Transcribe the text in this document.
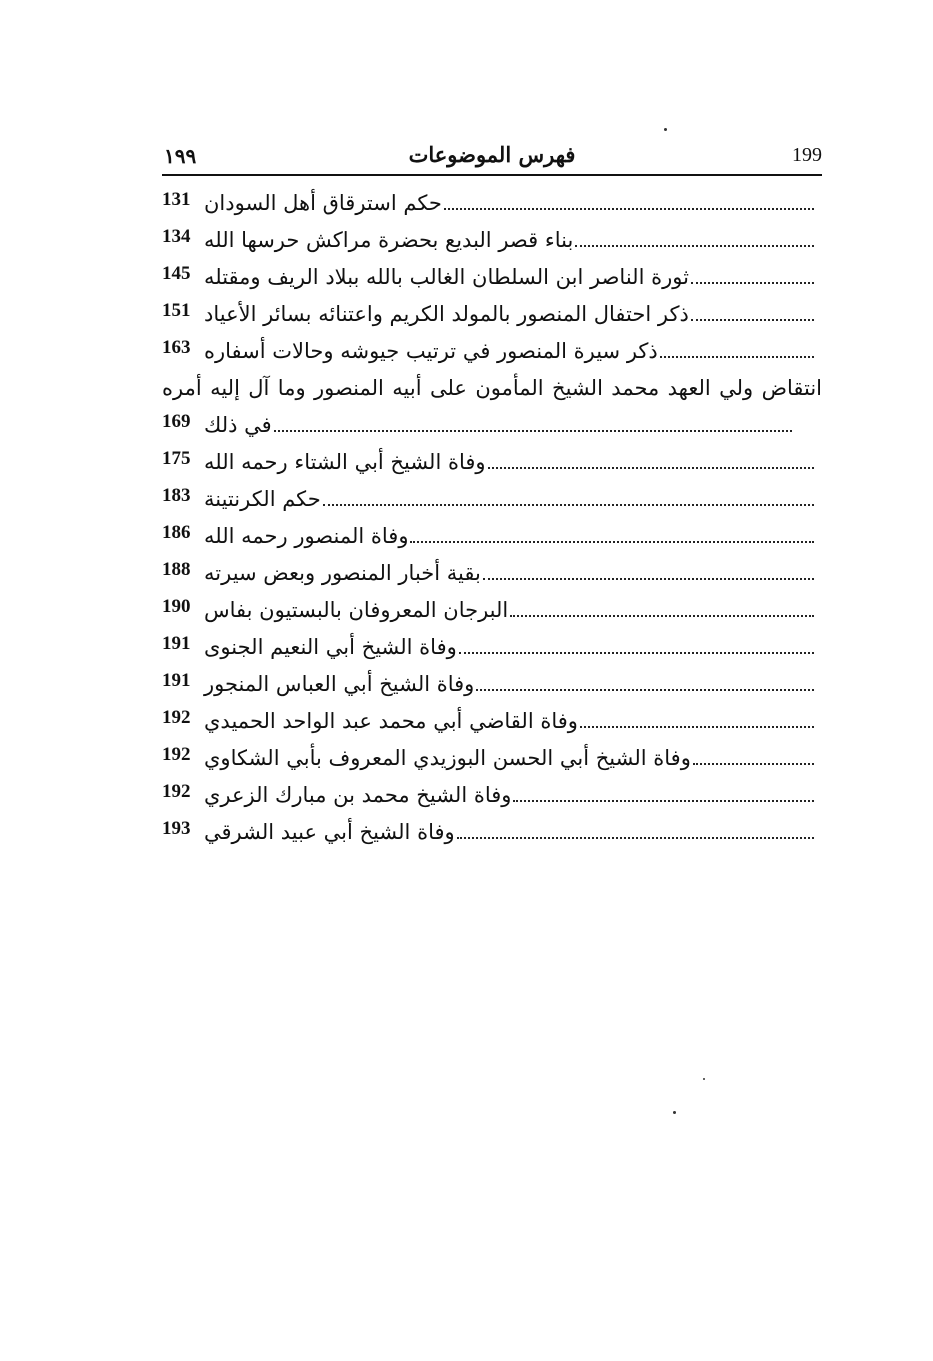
١٩٩	فهرس الموضوعات	199
131 حكم استرقاق أهل السودان
134 بناء قصر البديع بحضرة مراكش حرسها الله
145 ثورة الناصر ابن السلطان الغالب بالله ببلاد الريف ومقتله
151 ذكر احتفال المنصور بالمولد الكريم واعتنائه بسائر الأعياد
163 ذكر سيرة المنصور في ترتيب جيوشه وحالات أسفاره
انتقاض ولي العهد محمد الشيخ المأمون على أبيه المنصور وما آل إليه أمره
169 في ذلك
175 وفاة الشيخ أبي الشتاء رحمه الله
183 حكم الكرنتينة
186 وفاة المنصور رحمه الله
188 بقية أخبار المنصور وبعض سيرته
190 البرجان المعروفان بالبستيون بفاس
191 وفاة الشيخ أبي النعيم الجنوى
191 وفاة الشيخ أبي العباس المنجور
192 وفاة القاضي أبي محمد عبد الواحد الحميدي
192 وفاة الشيخ أبي الحسن البوزيدي المعروف بأبي الشكاوي
192 وفاة الشيخ محمد بن مبارك الزعري
193 وفاة الشيخ أبي عبيد الشرقي
